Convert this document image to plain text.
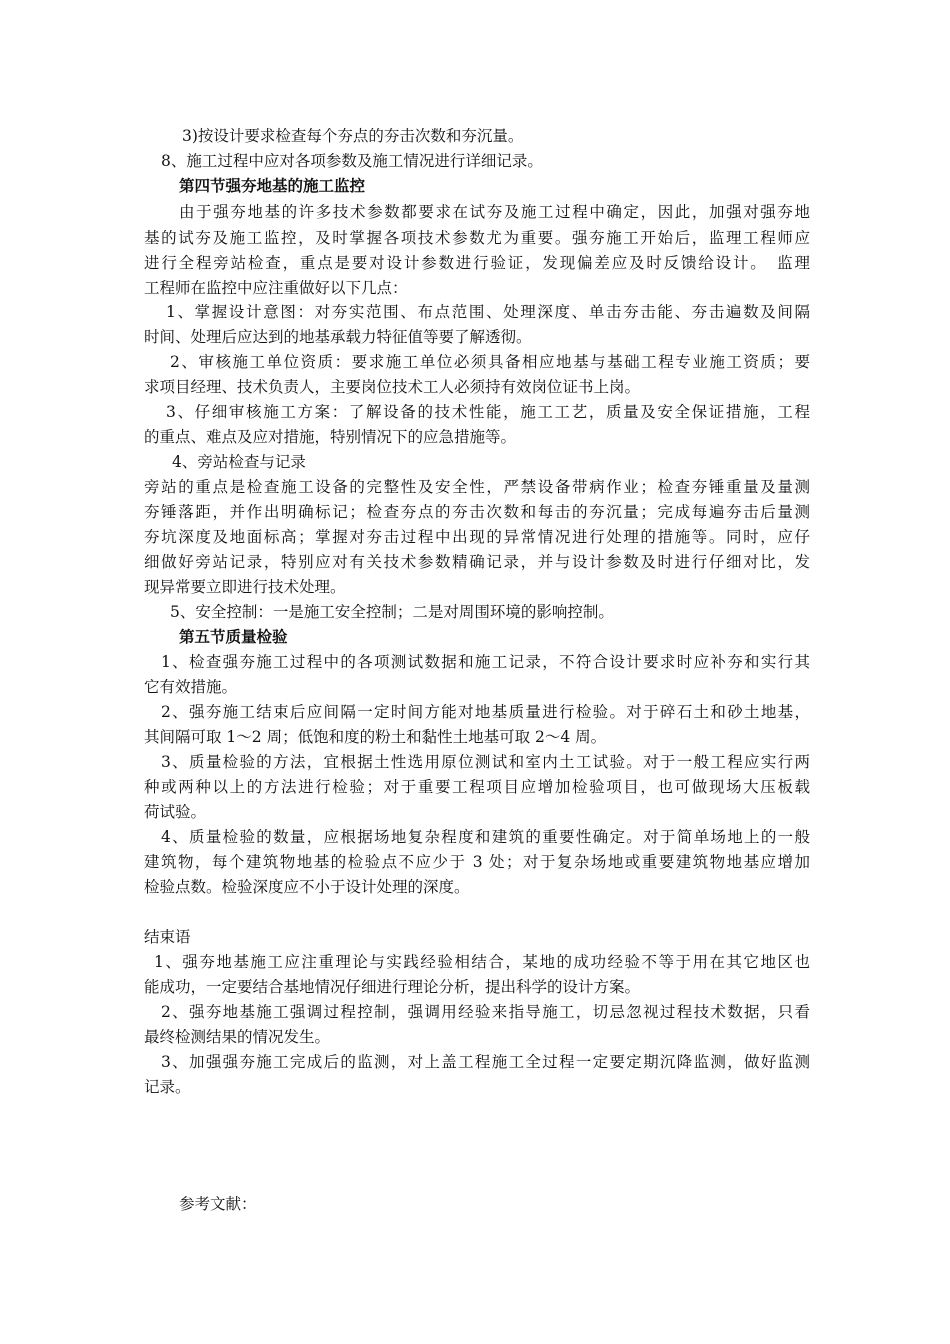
3)按设计要求检查每个夯点的夯击次数和夯沉量。
8、施工过程中应对各项参数及施工情况进行详细记录。
第四节强夯地基的施工监控
由于强夯地基的许多技术参数都要求在试夯及施工过程中确定，因此，加强对强夯地
基的试夯及施工监控，及时掌握各项技术参数尤为重要。强夯施工开始后，监理工程师应
进行全程旁站检查，重点是要对设计参数进行验证，发现偏差应及时反馈给设计。　监理
工程师在监控中应注重做好以下几点：
1、掌握设计意图：对夯实范围、布点范围、处理深度、单击夯击能、夯击遍数及间隔
时间、处理后应达到的地基承载力特征值等要了解透彻。
2、审核施工单位资质：要求施工单位必须具备相应地基与基础工程专业施工资质；要
求项目经理、技术负责人，主要岗位技术工人必须持有效岗位证书上岗。
3、仔细审核施工方案：了解设备的技术性能，施工工艺，质量及安全保证措施，工程
的重点、难点及应对措施，特别情况下的应急措施等。
4、旁站检查与记录
旁站的重点是检查施工设备的完整性及安全性，严禁设备带病作业；检查夯锤重量及量测
夯锤落距，并作出明确标记；检查夯点的夯击次数和每击的夯沉量；完成每遍夯击后量测
夯坑深度及地面标高；掌握对夯击过程中出现的异常情况进行处理的措施等。同时，应仔
细做好旁站记录，特别应对有关技术参数精确记录，并与设计参数及时进行仔细对比，发
现异常要立即进行技术处理。
5、安全控制：一是施工安全控制；二是对周围环境的影响控制。
第五节质量检验
1、检查强夯施工过程中的各项测试数据和施工记录，不符合设计要求时应补夯和实行其
它有效措施。
2、强夯施工结束后应间隔一定时间方能对地基质量进行检验。对于碎石土和砂土地基，
其间隔可取 1～2 周；低饱和度的粉土和黏性土地基可取 2～4 周。
3、质量检验的方法，宜根据土性选用原位测试和室内土工试验。对于一般工程应实行两
种或两种以上的方法进行检验；对于重要工程项目应增加检验项目，也可做现场大压板载
荷试验。
4、质量检验的数量，应根据场地复杂程度和建筑的重要性确定。对于简单场地上的一般
建筑物，每个建筑物地基的检验点不应少于 3 处；对于复杂场地或重要建筑物地基应增加
检验点数。检验深度应不小于设计处理的深度。
结束语
1、强夯地基施工应注重理论与实践经验相结合，某地的成功经验不等于用在其它地区也
能成功，一定要结合基地情况仔细进行理论分析，提出科学的设计方案。
2、强夯地基施工强调过程控制，强调用经验来指导施工，切忌忽视过程技术数据，只看
最终检测结果的情况发生。
3、加强强夯施工完成后的监测，对上盖工程施工全过程一定要定期沉降监测，做好监测
记录。
参考文献：
